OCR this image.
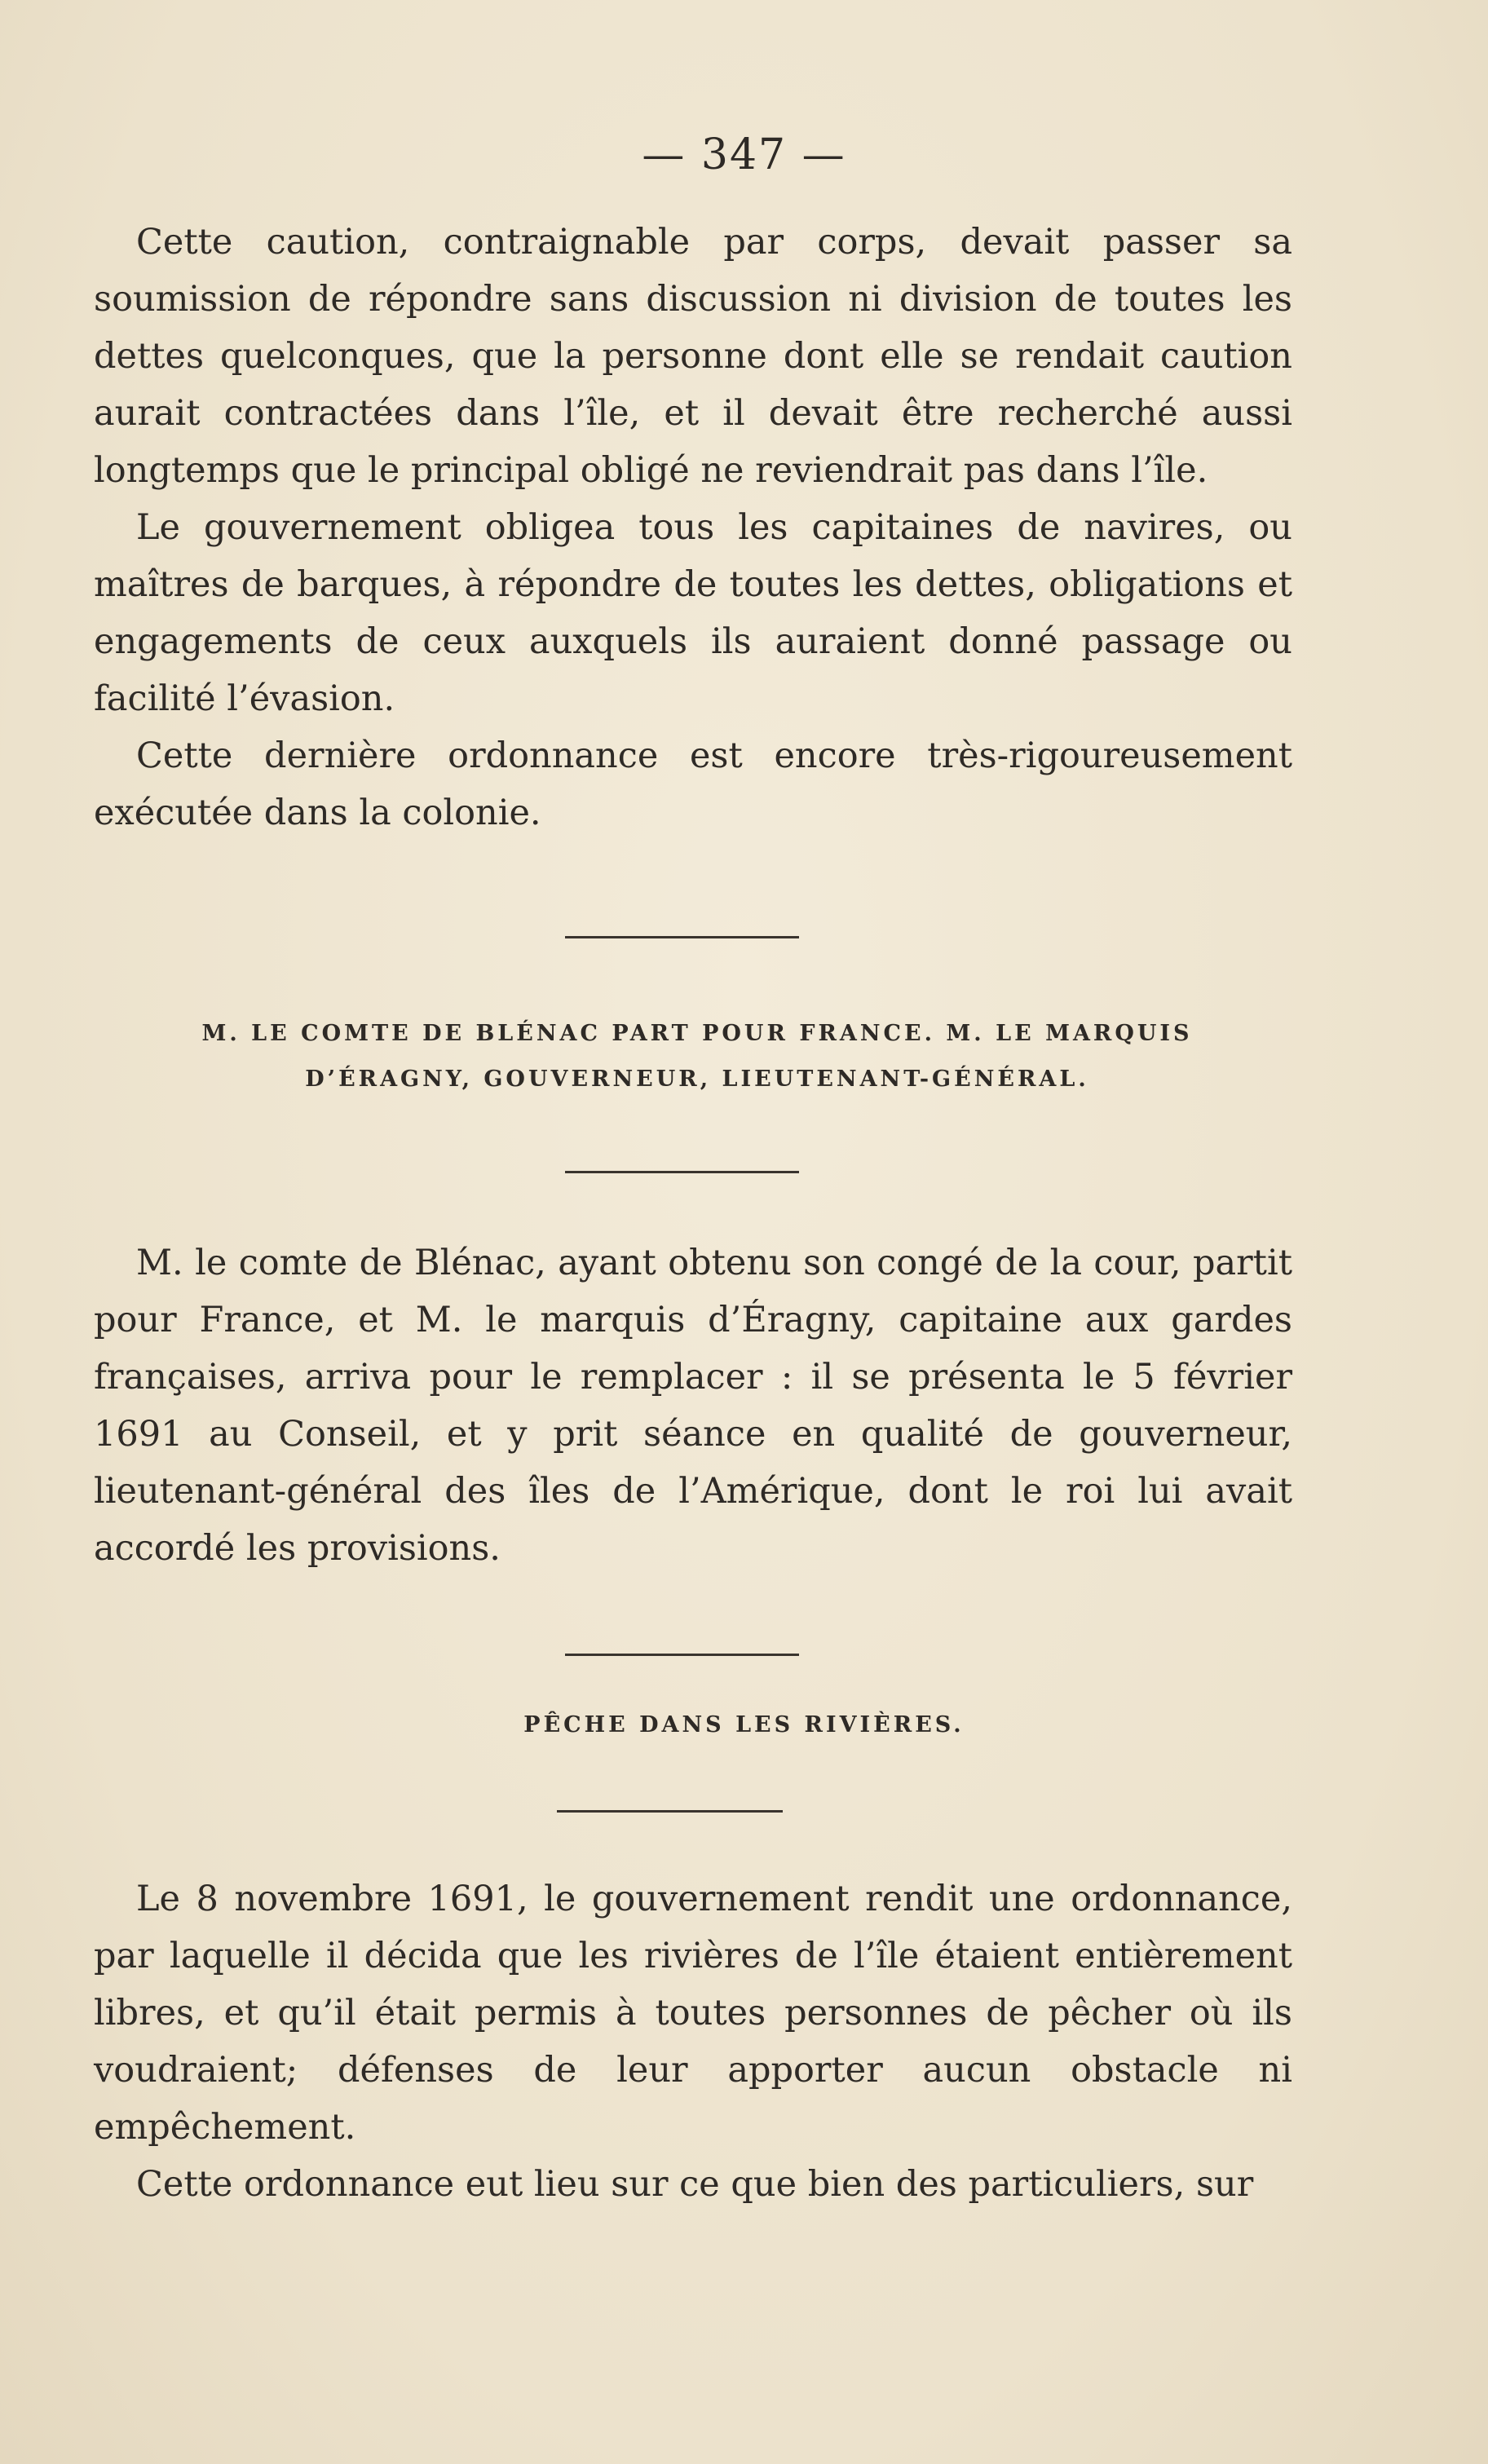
— 347 —

Cette caution, contraignable par corps, devait passer sa soumission de répondre sans discussion ni division de toutes les dettes quelconques, que la personne dont elle se rendait caution aurait contractées dans l’île, et il devait être recherché aussi longtemps que le principal obligé ne reviendrait pas dans l’île.

Le gouvernement obligea tous les capitaines de navires, ou maîtres de barques, à répondre de toutes les dettes, obligations et engagements de ceux auxquels ils auraient donné passage ou facilité l’évasion.

Cette dernière ordonnance est encore très-rigoureusement exécutée dans la colonie.

M. LE COMTE DE BLÉNAC PART POUR FRANCE. M. LE MARQUIS D’ÉRAGNY, GOUVERNEUR, LIEUTENANT-GÉNÉRAL.

M. le comte de Blénac, ayant obtenu son congé de la cour, partit pour France, et M. le marquis d’Éragny, capitaine aux gardes françaises, arriva pour le remplacer : il se présenta le 5 février 1691 au Conseil, et y prit séance en qualité de gouverneur, lieutenant-général des îles de l’Amérique, dont le roi lui avait accordé les provisions.

PÊCHE DANS LES RIVIÈRES.

Le 8 novembre 1691, le gouvernement rendit une ordonnance, par laquelle il décida que les rivières de l’île étaient entièrement libres, et qu’il était permis à toutes personnes de pêcher où ils voudraient; défenses de leur apporter aucun obstacle ni empêchement.

Cette ordonnance eut lieu sur ce que bien des particuliers, sur
